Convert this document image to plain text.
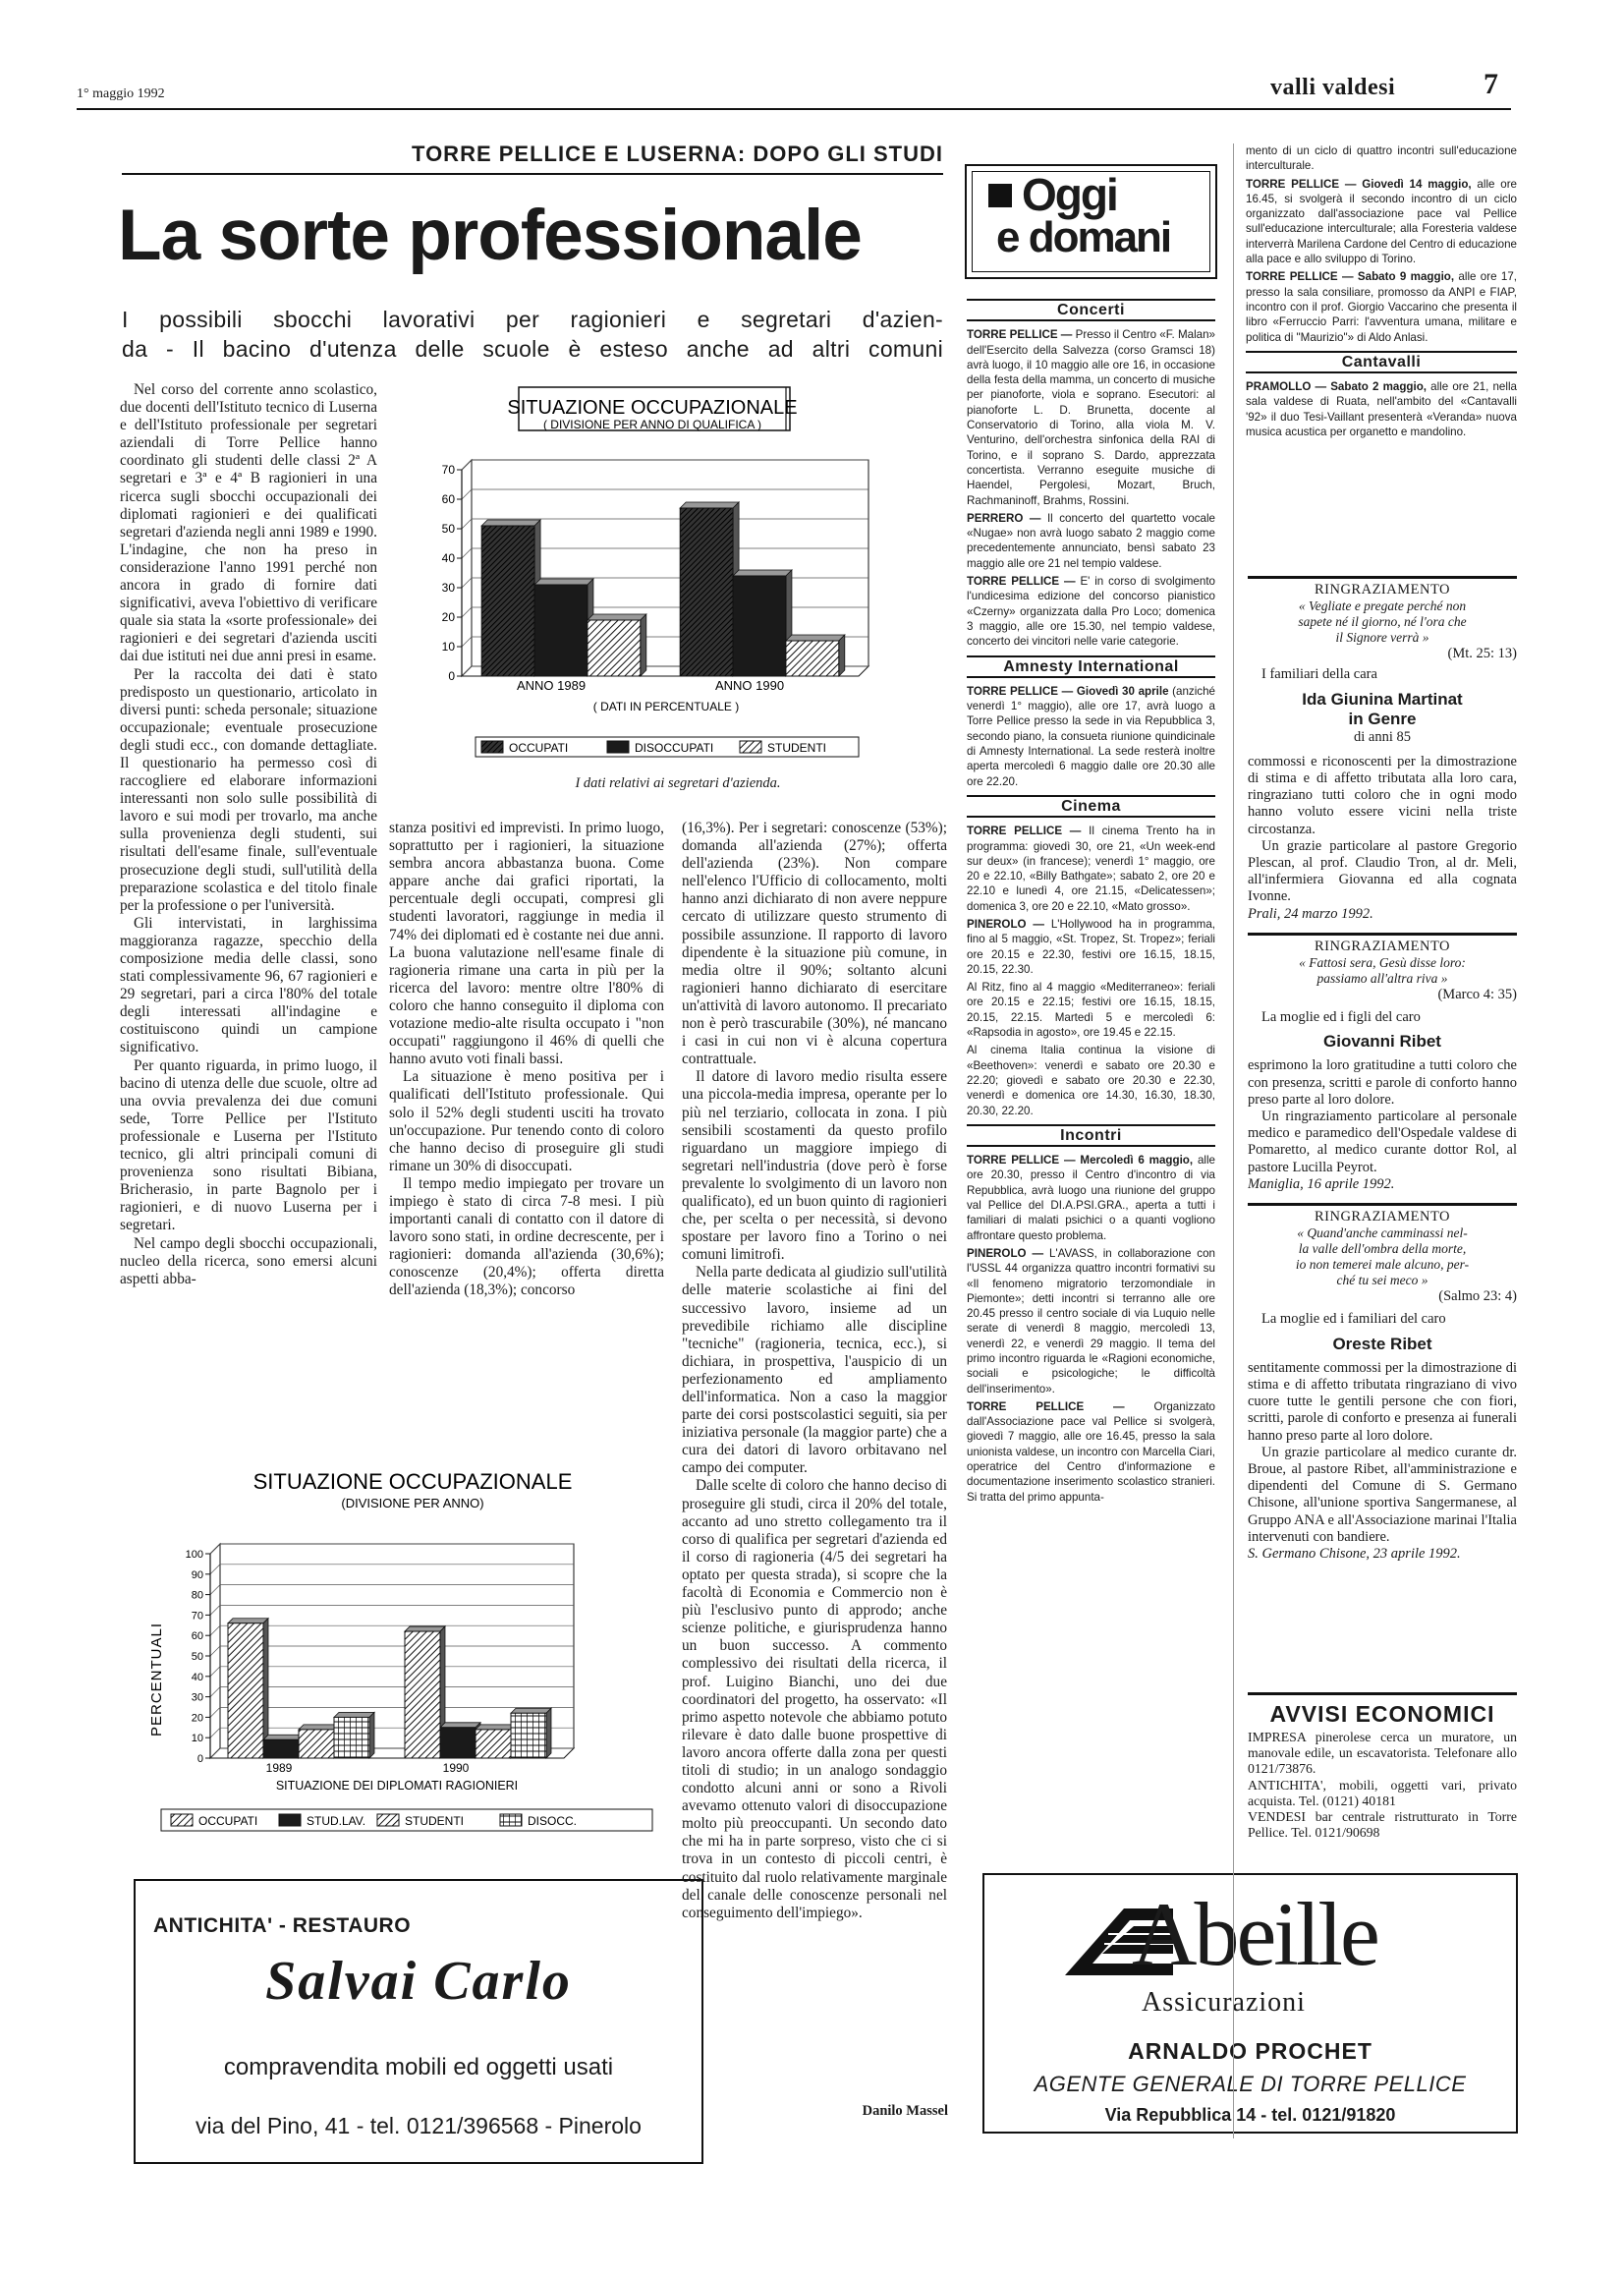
1° maggio 1992	valli valdesi	7
TORRE PELLICE E LUSERNA: DOPO GLI STUDI
La sorte professionale
I possibili sbocchi lavorativi per ragionieri e segretari d'azien-
da - Il bacino d'utenza delle scuole è esteso anche ad altri comuni

Nel corso del corrente anno scolastico, due docenti dell'Istituto tecnico di Luserna e dell'Istituto professionale per segretari aziendali di Torre Pellice hanno coordinato gli studenti delle classi 2ª A segretari e 3ª e 4ª B ragionieri in una ricerca sugli sbocchi occupazionali dei diplomati ragionieri e dei qualificati segretari d'azienda negli anni 1989 e 1990. L'indagine, che non ha preso in considerazione l'anno 1991 perché non ancora in grado di fornire dati significativi, aveva l'obiettivo di verificare quale sia stata la «sorte professionale» dei ragionieri e dei segretari d'azienda usciti dai due istituti nei due anni presi in esame.

Per la raccolta dei dati è stato predisposto un questionario, articolato in diversi punti: scheda personale; situazione occupazionale; eventuale prosecuzione degli studi ecc., con domande dettagliate. Il questionario ha permesso così di raccogliere ed elaborare informazioni interessanti non solo sulle possibilità di lavoro e sui modi per trovarlo, ma anche sulla provenienza degli studenti, sui risultati dell'esame finale, sull'eventuale prosecuzione degli studi, sull'utilità della preparazione scolastica e del titolo finale per la professione o per l'università.

Gli intervistati, in larghissima maggioranza ragazze, specchio della composizione media delle classi, sono stati complessivamente 96, 67 ragionieri e 29 segretari, pari a circa l'80% del totale degli interessati all'indagine e costituiscono quindi un campione significativo.

Per quanto riguarda, in primo luogo, il bacino di utenza delle due scuole, oltre ad una ovvia prevalenza dei due comuni sede, Torre Pellice per l'Istituto professionale e Luserna per l'Istituto tecnico, gli altri principali comuni di provenienza sono risultati Bibiana, Bricherasio, in parte Bagnolo per i ragionieri, e di nuovo Luserna per i segretari.

Nel campo degli sbocchi occupazionali, nucleo della ricerca, sono emersi alcuni aspetti abba-

SITUAZIONE OCCUPAZIONALE
( DIVISIONE PER ANNO DI QUALIFICA )
0
10
20
30
40
50
60
70
ANNO 1989	ANNO 1990
( DATI IN PERCENTUALE )
OCCUPATI	DISOCCUPATI	STUDENTI
I dati relativi ai segretari d'azienda.

stanza positivi ed imprevisti. In primo luogo, soprattutto per i ragionieri, la situazione sembra ancora abbastanza buona. Come appare anche dai grafici riportati, la percentuale degli occupati, compresi gli studenti lavoratori, raggiunge in media il 74% dei diplomati ed è costante nei due anni. La buona valutazione nell'esame finale di ragioneria rimane una carta in più per la ricerca del lavoro: mentre oltre l'80% di coloro che hanno conseguito il diploma con votazione medio-alte risulta occupato i "non occupati" raggiungono il 46% di quelli che hanno avuto voti finali bassi.

La situazione è meno positiva per i qualificati dell'Istituto professionale. Qui solo il 52% degli studenti usciti ha trovato un'occupazione. Pur tenendo conto di coloro che hanno deciso di proseguire gli studi rimane un 30% di disoccupati.

Il tempo medio impiegato per trovare un impiego è stato di circa 7-8 mesi. I più importanti canali di contatto con il datore di lavoro sono stati, in ordine decrescente, per i ragionieri: domanda all'azienda (30,6%); conoscenze (20,4%); offerta diretta dell'azienda (18,3%); concorso

(16,3%). Per i segretari: conoscenze (53%); domanda all'azienda (27%); offerta dell'azienda (23%). Non compare nell'elenco l'Ufficio di collocamento, molti hanno anzi dichiarato di non avere neppure cercato di utilizzare questo strumento di possibile assunzione. Il rapporto di lavoro dipendente è la situazione più comune, in media oltre il 90%; soltanto alcuni ragionieri hanno dichiarato di esercitare un'attività di lavoro autonomo. Il precariato non è però trascurabile (30%), né mancano i casi in cui non vi è alcuna copertura contrattuale.

Il datore di lavoro medio risulta essere una piccola-media impresa, operante per lo più nel terziario, collocata in zona. I più sensibili scostamenti da questo profilo riguardano un maggiore impiego di segretari nell'industria (dove però è forse prevalente lo svolgimento di un lavoro non qualificato), ed un buon quinto di ragionieri che, per scelta o per necessità, si devono spostare per lavoro fino a Torino o nei comuni limitrofi.

Nella parte dedicata al giudizio sull'utilità delle materie scolastiche ai fini del successivo lavoro, insieme ad un prevedibile richiamo alle discipline "tecniche" (ragioneria, tecnica, ecc.), si dichiara, in prospettiva, l'auspicio di un perfezionamento ed ampliamento dell'informatica. Non a caso la maggior parte dei corsi postscolastici seguiti, sia per iniziativa personale (la maggior parte) che a cura dei datori di lavoro orbitavano nel campo dei computer.

Dalle scelte di coloro che hanno deciso di proseguire gli studi, circa il 20% del totale, accanto ad uno stretto collegamento tra il corso di qualifica per segretari d'azienda ed il corso di ragioneria (4/5 dei segretari ha optato per questa strada), si scopre che la facoltà di Economia e Commercio non è più l'esclusivo punto di approdo; anche scienze politiche, e giurisprudenza hanno un buon successo. A commento complessivo dei risultati della ricerca, il prof. Luigino Bianchi, uno dei due coordinatori del progetto, ha osservato: «Il primo aspetto notevole che abbiamo potuto rilevare è dato dalle buone prospettive di lavoro ancora offerte dalla zona per questi titoli di studio; in un analogo sondaggio condotto alcuni anni or sono a Rivoli avevamo ottenuto valori di disoccupazione molto più preoccupanti. Un secondo dato che mi ha in parte sorpreso, visto che ci si trova in un contesto di piccoli centri, è costituito dal ruolo relativamente marginale del canale delle conoscenze personali nel conseguimento dell'impiego».

Danilo Massel
SITUAZIONE OCCUPAZIONALE
(DIVISIONE PER ANNO)
PERCENTUALI
0
10
20
30
40
50
60
70
80
90
100
1989	1990
SITUAZIONE DEI DIPLOMATI RAGIONIERI
OCCUPATI	STUD.LAV.	STUDENTI	DISOCC.
ANTICHITA' - RESTAURO
Salvai Carlo
compravendita mobili ed oggetti usati
via del Pino, 41 - tel. 0121/396568 - Pinerolo
Oggi
e domani
Concerti

TORRE PELLICE — Presso il Centro «F. Malan» dell'Esercito della Salvezza (corso Gramsci 18) avrà luogo, il 10 maggio alle ore 16, in occasione della festa della mamma, un concerto di musiche per pianoforte, viola e soprano. Esecutori: al pianoforte L. D. Brunetta, docente al Conservatorio di Torino, alla viola M. V. Venturino, dell'orchestra sinfonica della RAI di Torino, e il soprano S. Dardo, apprezzata concertista. Verranno eseguite musiche di Haendel, Pergolesi, Mozart, Bruch, Rachmaninoff, Brahms, Rossini.

PERRERO — Il concerto del quartetto vocale «Nugae» non avrà luogo sabato 2 maggio come precedentemente annunciato, bensì sabato 23 maggio alle ore 21 nel tempio valdese.

TORRE PELLICE — E' in corso di svolgimento l'undicesima edizione del concorso pianistico «Czerny» organizzata dalla Pro Loco; domenica 3 maggio, alle ore 15.30, nel tempio valdese, concerto dei vincitori nelle varie categorie.

Amnesty International

TORRE PELLICE — Giovedì 30 aprile (anziché venerdì 1° maggio), alle ore 17, avrà luogo a Torre Pellice presso la sede in via Repubblica 3, secondo piano, la consueta riunione quindicinale di Amnesty International. La sede resterà inoltre aperta mercoledì 6 maggio dalle ore 20.30 alle ore 22.20.

Cinema

TORRE PELLICE — Il cinema Trento ha in programma: giovedì 30, ore 21, «Un week-end sur deux» (in francese); venerdì 1° maggio, ore 20 e 22.10, «Billy Bathgate»; sabato 2, ore 20 e 22.10 e lunedì 4, ore 21.15, «Delicatessen»; domenica 3, ore 20 e 22.10, «Mato grosso».

PINEROLO — L'Hollywood ha in programma, fino al 5 maggio, «St. Tropez, St. Tropez»; feriali ore 20.15 e 22.30, festivi ore 16.15, 18.15, 20.15, 22.30.

Al Ritz, fino al 4 maggio «Mediterraneo»: feriali ore 20.15 e 22.15; festivi ore 16.15, 18.15, 20.15, 22.15. Martedì 5 e mercoledì 6: «Rapsodia in agosto», ore 19.45 e 22.15.

Al cinema Italia continua la visione di «Beethoven»: venerdì e sabato ore 20.30 e 22.20; giovedì e sabato ore 20.30 e 22.30, venerdì e domenica ore 14.30, 16.30, 18.30, 20.30, 22.20.

Incontri

TORRE PELLICE — Mercoledì 6 maggio, alle ore 20.30, presso il Centro d'incontro di via Repubblica, avrà luogo una riunione del gruppo val Pellice del DI.A.PSI.GRA., aperta a tutti i familiari di malati psichici o a quanti vogliono affrontare questo problema.

PINEROLO — L'AVASS, in collaborazione con l'USSL 44 organizza quattro incontri formativi su «Il fenomeno migratorio terzomondiale in Piemonte»; detti incontri si terranno alle ore 20.45 presso il centro sociale di via Luquio nelle serate di venerdì 8 maggio, mercoledì 13, venerdì 22, e venerdì 29 maggio. Il tema del primo incontro riguarda le «Ragioni economiche, sociali e psicologiche; le difficoltà dell'inserimento».

TORRE PELLICE — Organizzato dall'Associazione pace val Pellice si svolgerà, giovedì 7 maggio, alle ore 16.45, presso la sala unionista valdese, un incontro con Marcella Ciari, operatrice del Centro d'informazione e documentazione inserimento scolastico stranieri. Si tratta del primo appunta-

mento di un ciclo di quattro incontri sull'educazione interculturale.

TORRE PELLICE — Giovedì 14 maggio, alle ore 16.45, si svolgerà il secondo incontro di un ciclo organizzato dall'associazione pace val Pellice sull'educazione interculturale; alla Foresteria valdese interverrà Marilena Cardone del Centro di educazione alla pace e allo sviluppo di Torino.

TORRE PELLICE — Sabato 9 maggio, alle ore 17, presso la sala consiliare, promosso da ANPI e FIAP, incontro con il prof. Giorgio Vaccarino che presenta il libro «Ferruccio Parri: l'avventura umana, militare e politica di "Maurizio"» di Aldo Anlasi.

Cantavalli

PRAMOLLO — Sabato 2 maggio, alle ore 21, nella sala valdese di Ruata, nell'ambito del «Cantavalli '92» il duo Tesi-Vaillant presenterà «Veranda» nuova musica acustica per organetto e mandolino.

RINGRAZIAMENTO

« Vegliate e pregate perché non

sapete né il giorno, né l'ora che

il Signore verrà »

(Mt. 25: 13)

I familiari della cara

Ida Giunina Martinat

in Genre

di anni 85

commossi e riconoscenti per la dimostrazione di stima e di affetto tributata alla loro cara, ringraziano tutti coloro che in ogni modo hanno voluto essere vicini nella triste circostanza.

Un grazie particolare al pastore Gregorio Plescan, al prof. Claudio Tron, al dr. Meli, all'infermiera Giovanna ed alla cognata Ivonne.

Prali, 24 marzo 1992.

RINGRAZIAMENTO

« Fattosi sera, Gesù disse loro:

passiamo all'altra riva »

(Marco 4: 35)

La moglie ed i figli del caro

Giovanni Ribet

esprimono la loro gratitudine a tutti coloro che con presenza, scritti e parole di conforto hanno preso parte al loro dolore.

Un ringraziamento particolare al personale medico e paramedico dell'Ospedale valdese di Pomaretto, al medico curante dottor Rol, al pastore Lucilla Peyrot.

Maniglia, 16 aprile 1992.

RINGRAZIAMENTO

« Quand'anche camminassi nel-

la valle dell'ombra della morte,

io non temerei male alcuno, per-

ché tu sei meco »

(Salmo 23: 4)

La moglie ed i familiari del caro

Oreste Ribet

sentitamente commossi per la dimostrazione di stima e di affetto tributata ringraziano di vivo cuore tutte le gentili persone che con fiori, scritti, parole di conforto e presenza ai funerali hanno preso parte al loro dolore.

Un grazie particolare al medico curante dr. Broue, al pastore Ribet, all'amministrazione e dipendenti del Comune di S. Germano Chisone, all'unione sportiva Sangermanese, al Gruppo ANA e all'Associazione marinai l'Italia intervenuti con bandiere.

S. Germano Chisone, 23 aprile 1992.

AVVISI ECONOMICI

IMPRESA pinerolese cerca un muratore, un manovale edile, un escavatorista. Telefonare allo 0121/73876.

ANTICHITA', mobili, oggetti vari, privato acquista. Tel. (0121) 40181

VENDESI bar centrale ristrutturato in Torre Pellice. Tel. 0121/90698

Abeille
Assicurazioni
ARNALDO PROCHET
AGENTE GENERALE DI TORRE PELLICE
Via Repubblica 14 - tel. 0121/91820
